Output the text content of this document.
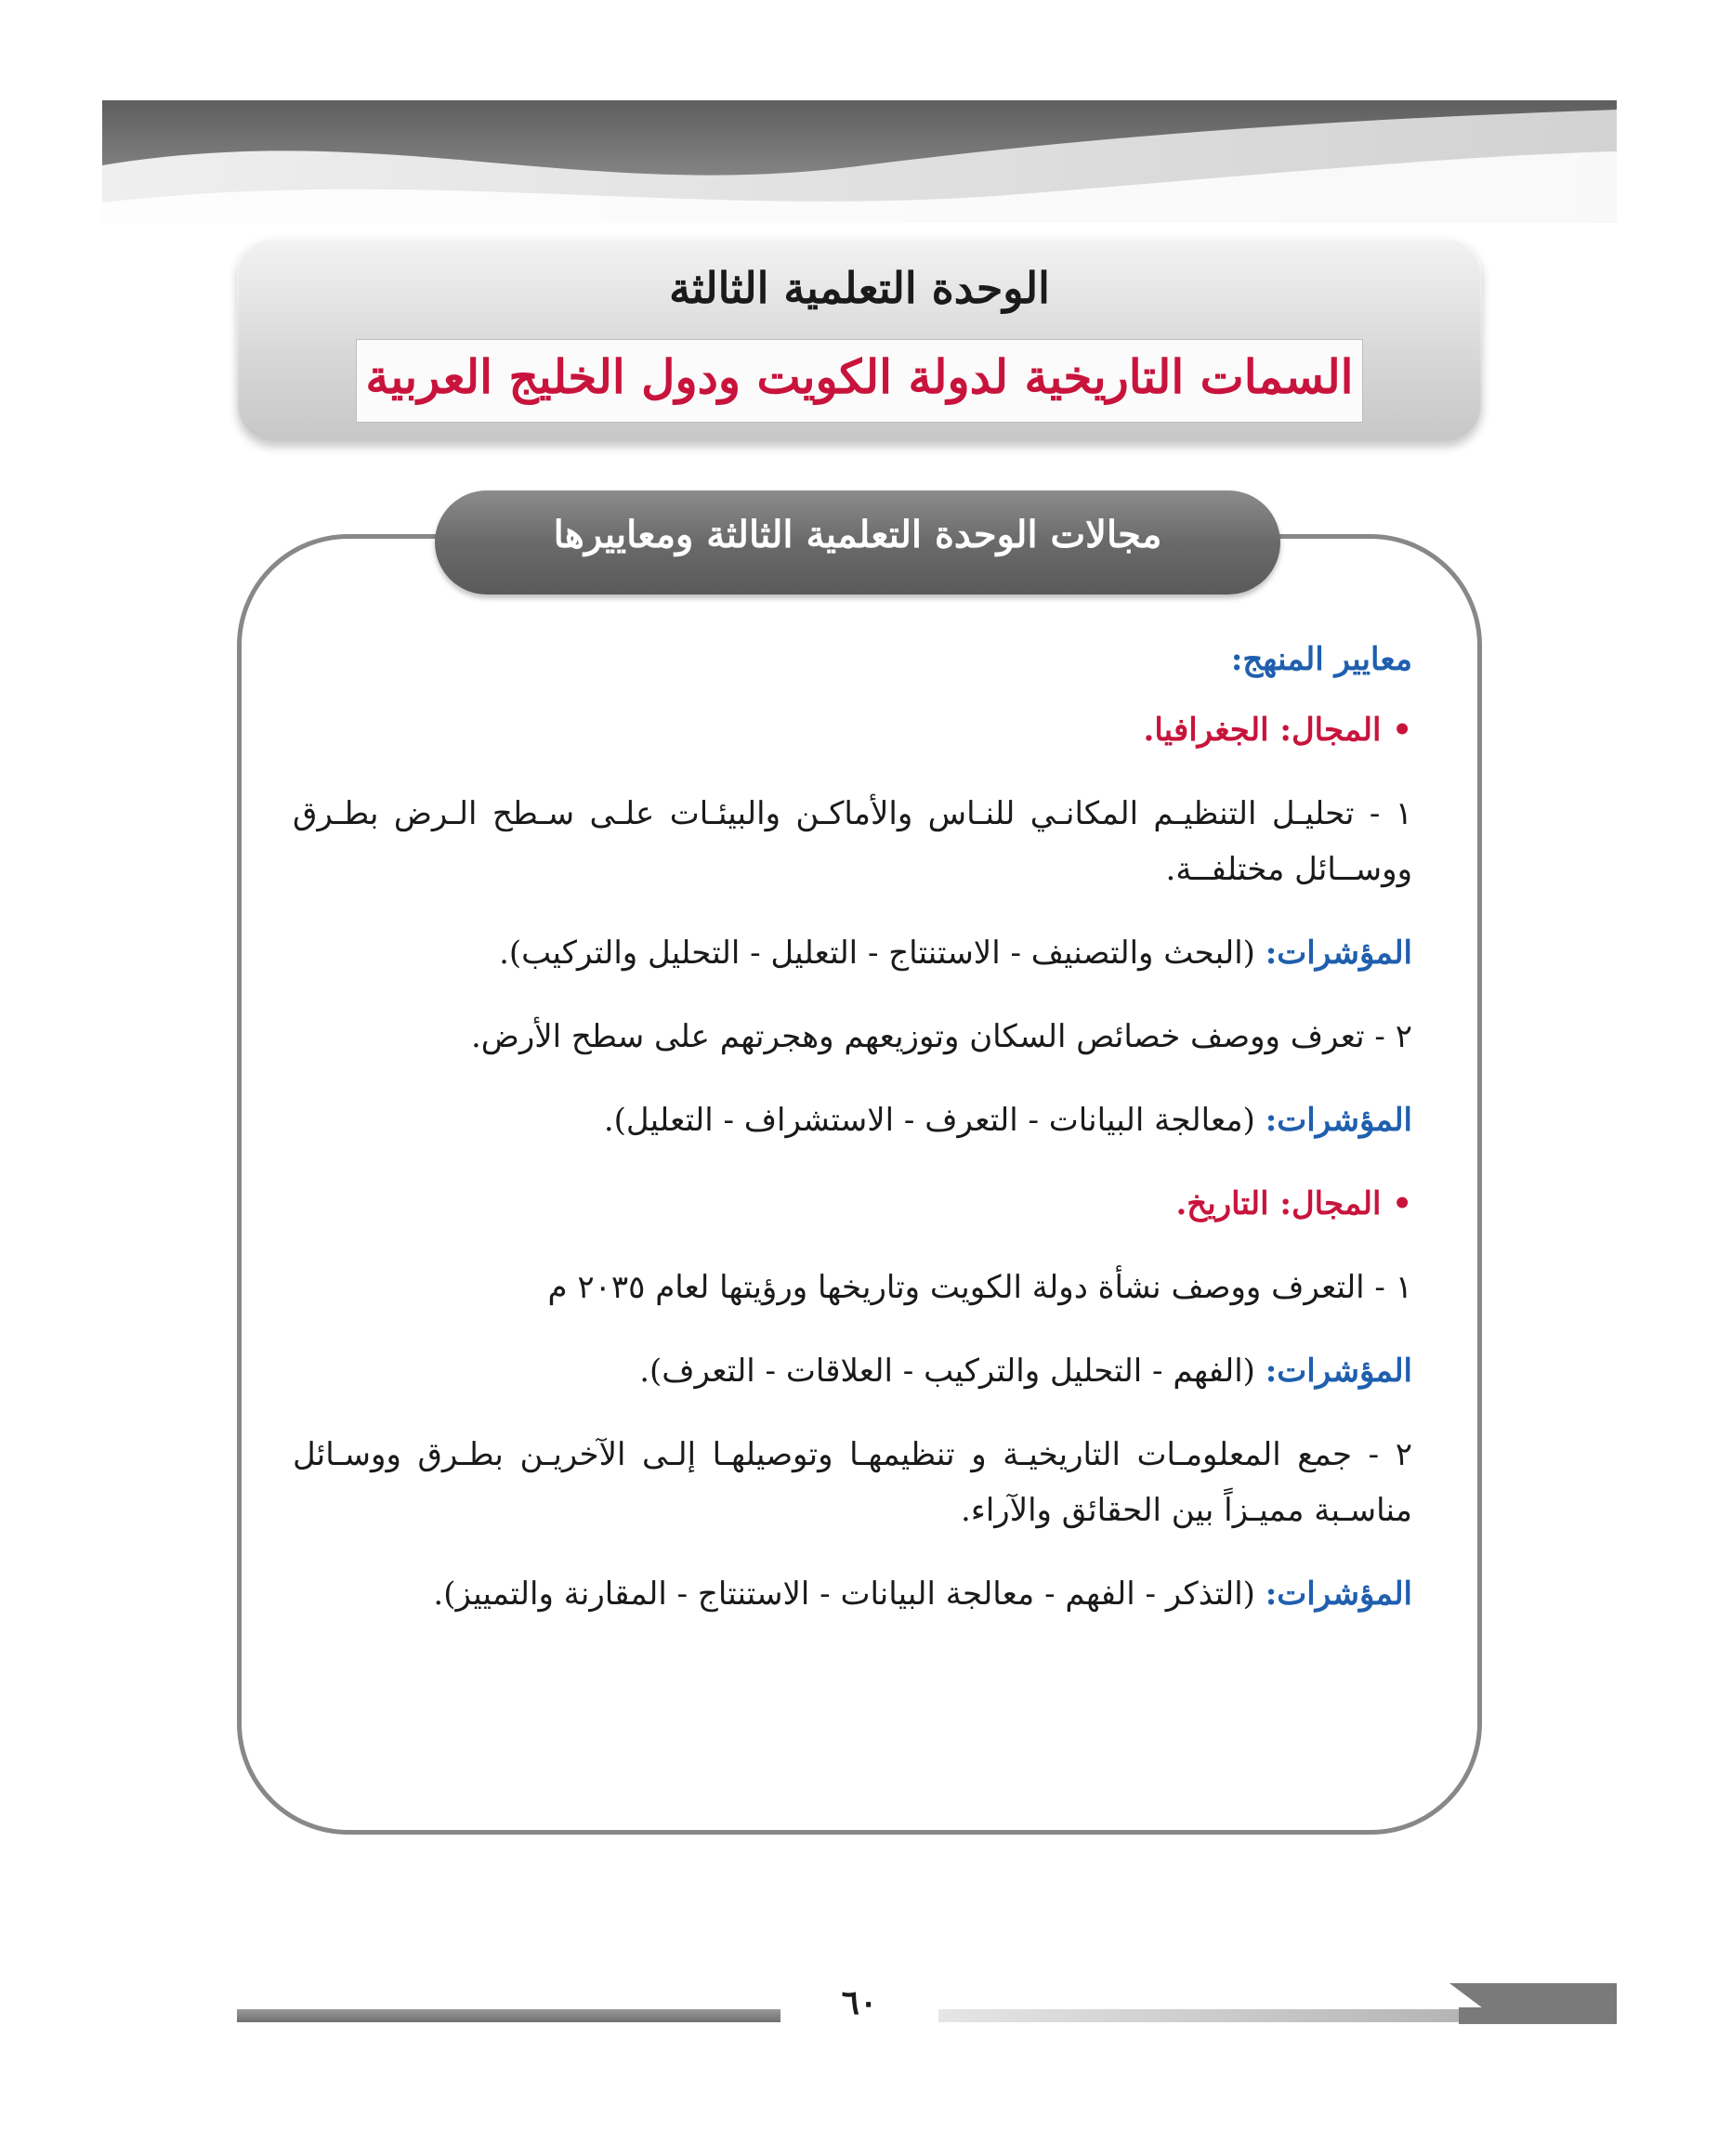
الوحدة التعلمية الثالثة
السمات التاريخية لدولة الكويت ودول الخليج العربية
مجالات الوحدة التعلمية الثالثة ومعاييرها

معايير المنهج:

• المجال: الجغرافيا.

١ - تحليـل التنظيـم المكانـي للنـاس والأماكـن والبيئـات علـى سـطح الـرض بطـرق ووســائل مختلفــة.

المؤشرات: (البحث والتصنيف - الاستنتاج - التعليل - التحليل والتركيب).

٢ - تعرف ووصف خصائص السكان وتوزيعهم وهجرتهم على سطح الأرض.

المؤشرات: (معالجة البيانات - التعرف - الاستشراف - التعليل).

• المجال: التاريخ.

١ - التعرف ووصف نشأة دولة الكويت وتاريخها ورؤيتها لعام ٢٠٣٥ م

المؤشرات: (الفهم - التحليل والتركيب - العلاقات - التعرف).

٢ - جمع المعلومـات التاريخيـة و تنظيمهـا وتوصيلهـا إلـى الآخريـن بطـرق ووسـائل مناسـبة مميـزاً بين الحقائق والآراء.

المؤشرات: (التذكر - الفهم - معالجة البيانات - الاستنتاج - المقارنة والتمييز).

٦٠
